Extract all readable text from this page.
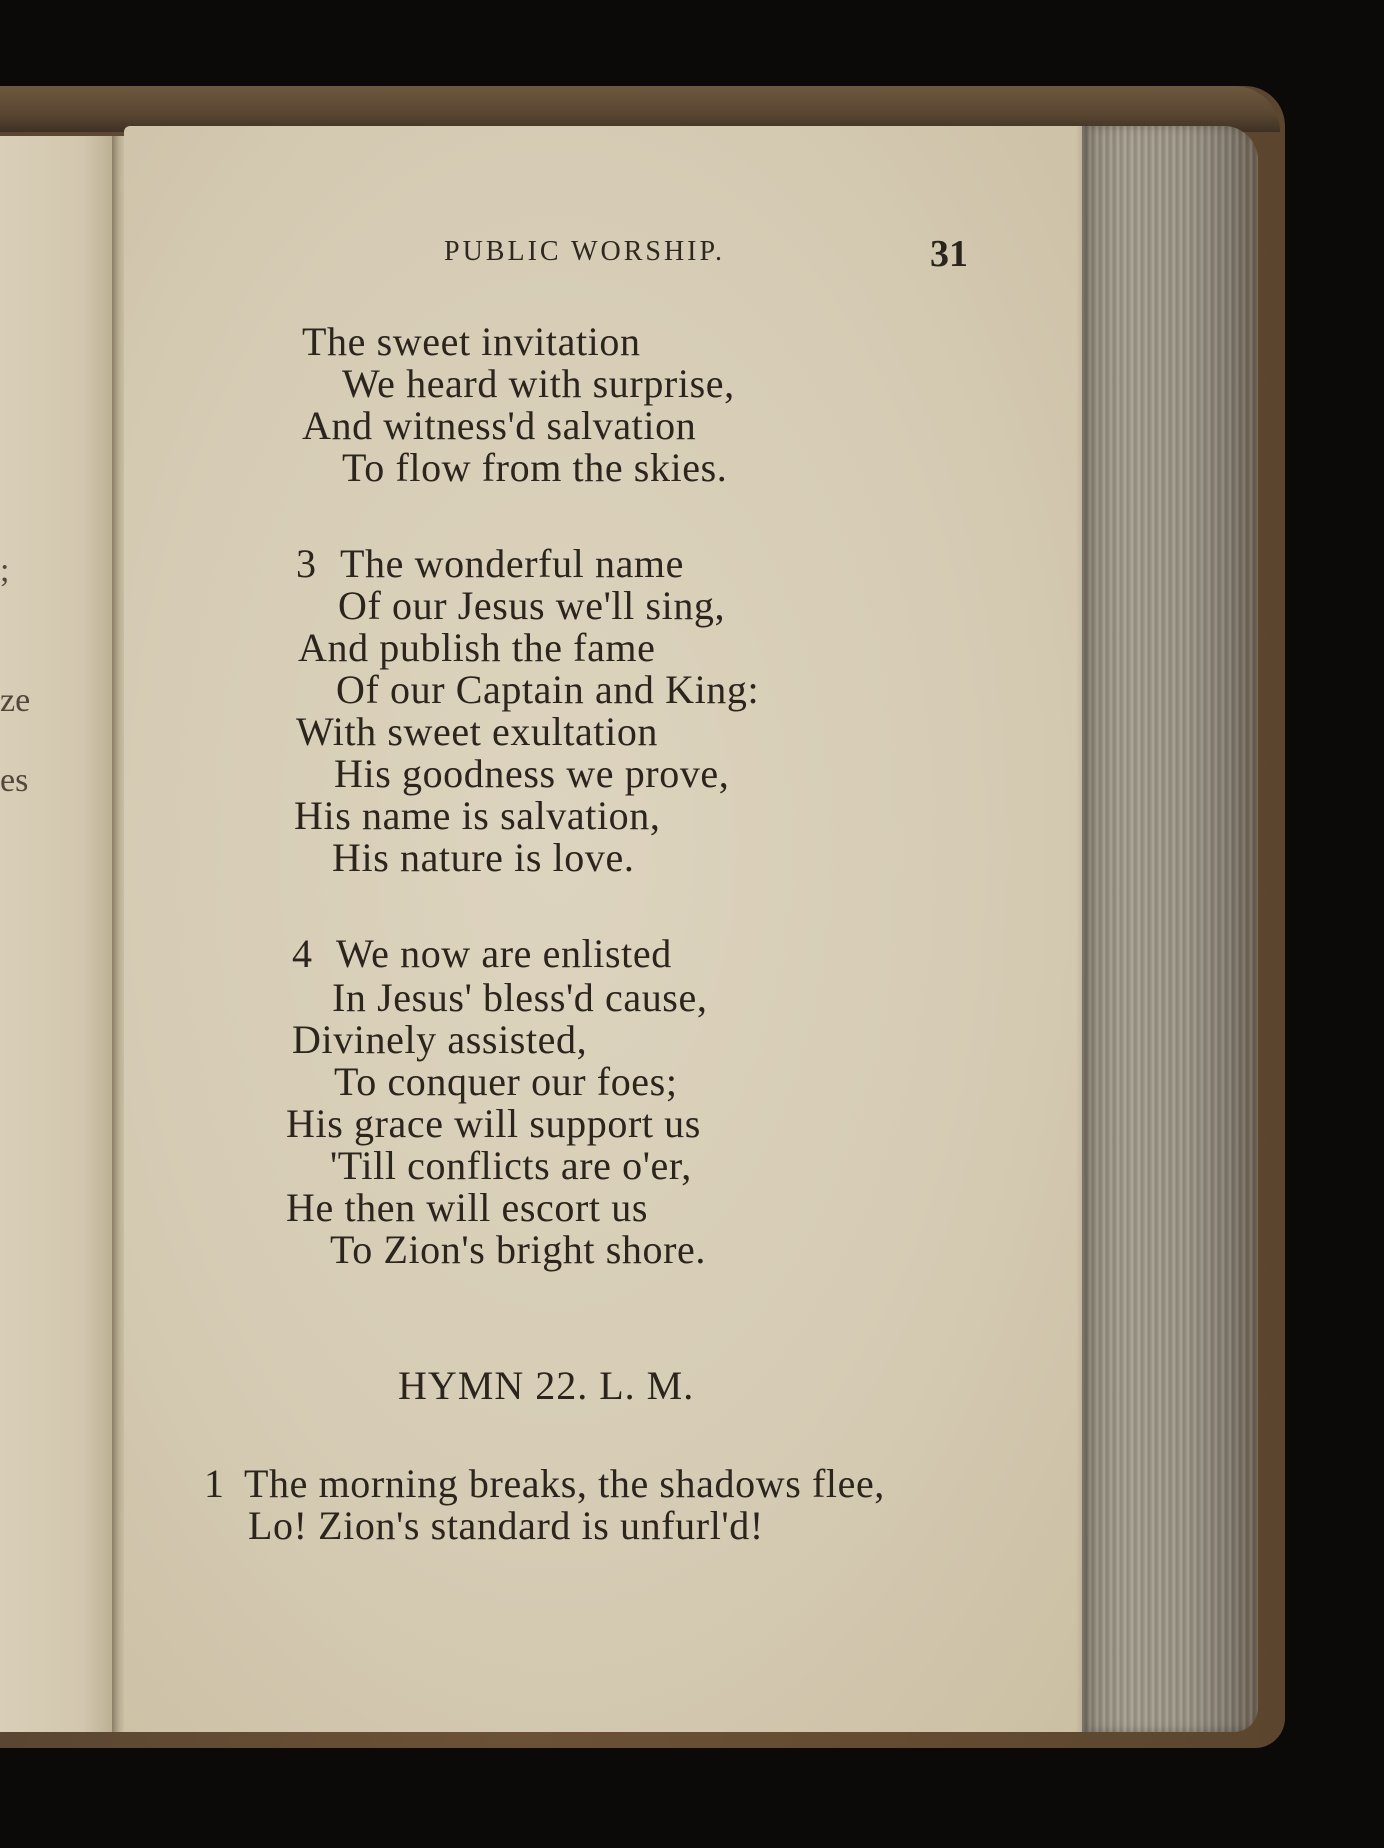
;
ze
es
PUBLIC WORSHIP.	31
The sweet invitation
We heard with surprise,
And witness'd salvation
To flow from the skies.
3 The wonderful name
Of our Jesus we'll sing,
And publish the fame
Of our Captain and King:
With sweet exultation
His goodness we prove,
His name is salvation,
His nature is love.
4 We now are enlisted
In Jesus' bless'd cause,
Divinely assisted,
To conquer our foes;
His grace will support us
'Till conflicts are o'er,
He then will escort us
To Zion's bright shore.
HYMN 22. L. M.
1 The morning breaks, the shadows flee,
Lo! Zion's standard is unfurl'd!
